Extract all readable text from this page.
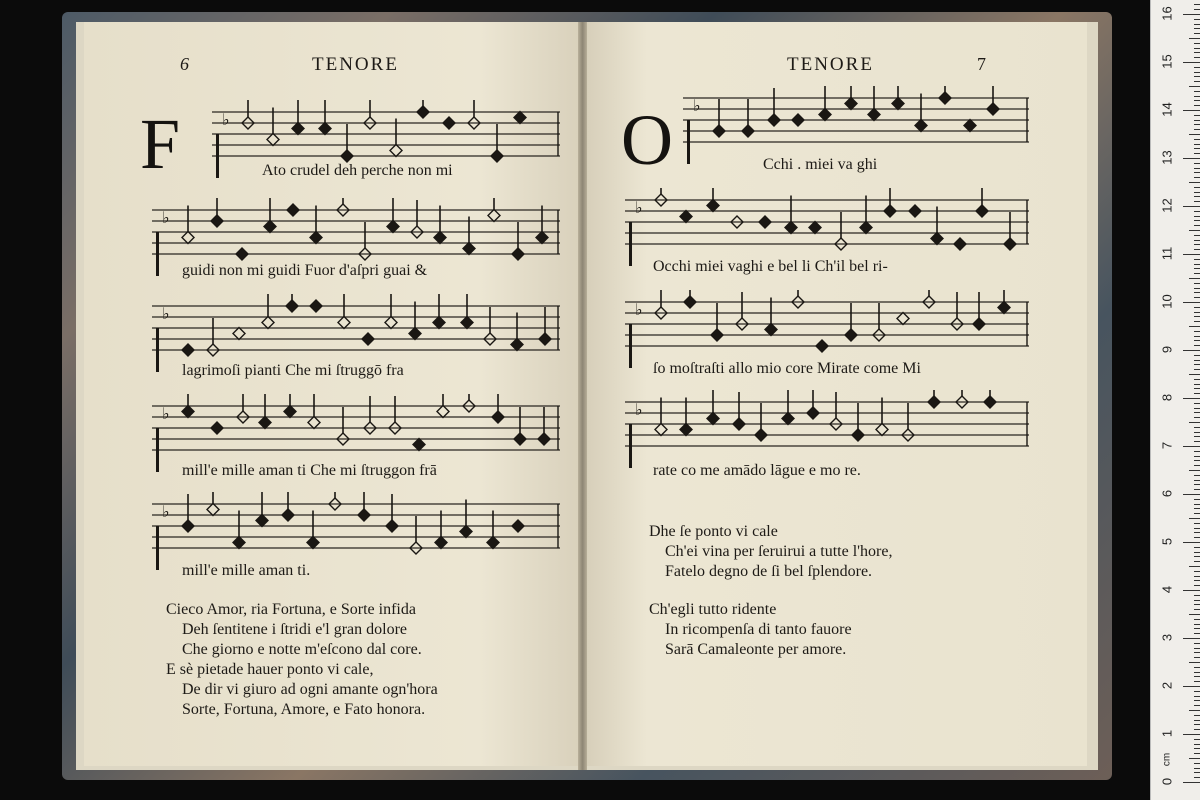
6	TENORE
F	♭
Ato crudel deh perche non mi
♭
guidi non mi guidi Fuor d'aſpri guai &
♭
lagrimoſi pianti Che mi ſtruggō fra
♭
mill'e mille aman ti Che mi ſtruggon frā
♭
mill'e mille aman ti.
Cieco Amor, ria Fortuna, e Sorte infida
Deh ſentitene i ſtridi e'l gran dolore
Che giorno e notte m'eſcono dal core.
E sè pietade hauer ponto vi cale,
De dir vi giuro ad ogni amante ogn'hora
Sorte, Fortuna, Amore, e Fato honora.
TENORE	7
O ♭
Cchi . miei va ghi
♭
Occhi miei vaghi e bel li Ch'il bel ri-
♭
ſo moſtraſti allo mio core Mirate come Mi
♭
rate co me amādo lāgue e mo re.
Dhe ſe ponto vi cale
Ch'ei vina per ſeruirui a tutte l'hore,
Fatelo degno de ſi bel ſplendore.
Ch'egli tutto ridente
In ricompenſa di tanto fauore
Sarā Camaleonte per amore.
0
1
2
3
4
5
6
7
8
9
10
11
12
13
14
15
16
cm
